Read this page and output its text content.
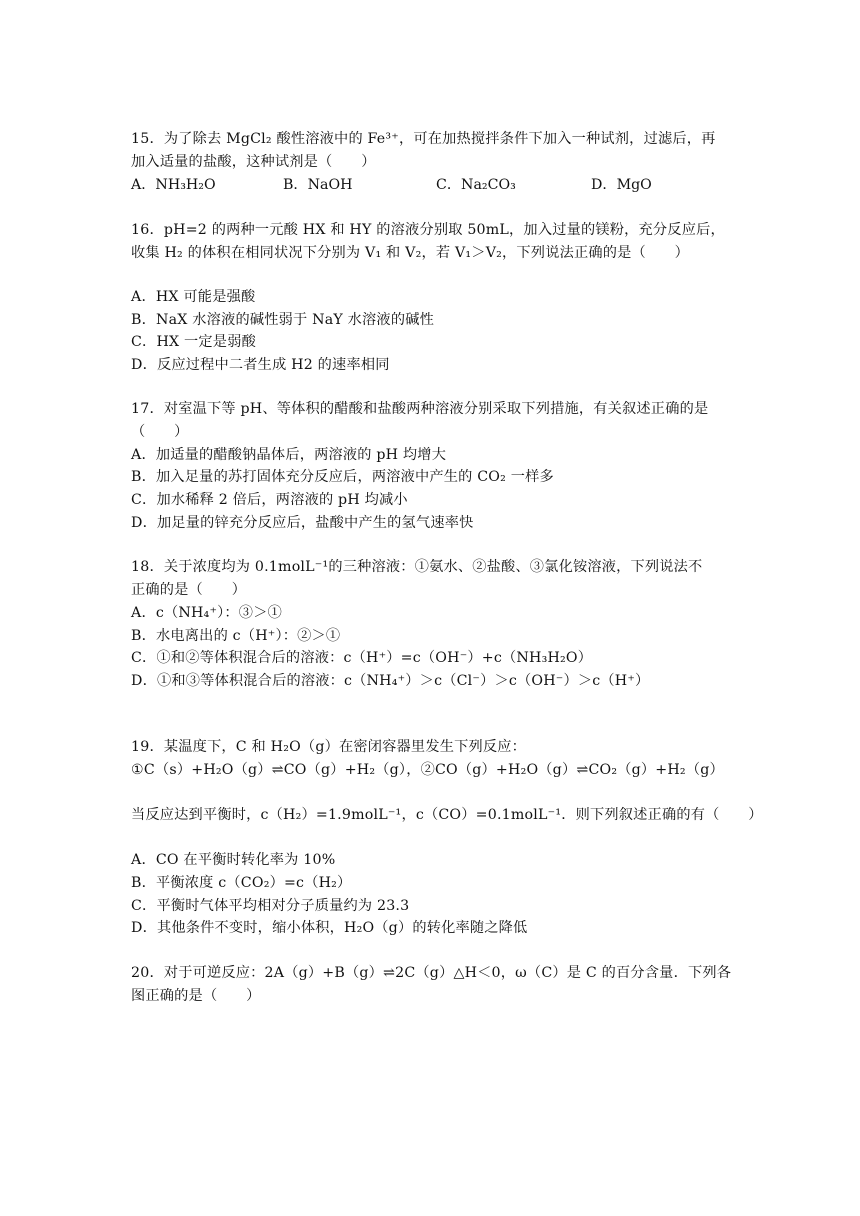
15．为了除去 MgCl₂ 酸性溶液中的 Fe³⁺，可在加热搅拌条件下加入一种试剂，过滤后，再
加入适量的盐酸，这种试剂是（　　）
A．NH₃H₂O	B．NaOH	C．Na₂CO₃	D．MgO
16．pH=2 的两种一元酸 HX 和 HY 的溶液分别取 50mL，加入过量的镁粉，充分反应后，
收集 H₂ 的体积在相同状况下分别为 V₁ 和 V₂，若 V₁＞V₂，下列说法正确的是（　　）
A．HX 可能是强酸
B．NaX 水溶液的碱性弱于 NaY 水溶液的碱性
C．HX 一定是弱酸
D．反应过程中二者生成 H2 的速率相同
17．对室温下等 pH、等体积的醋酸和盐酸两种溶液分别采取下列措施，有关叙述正确的是
（　　）
A．加适量的醋酸钠晶体后，两溶液的 pH 均增大
B．加入足量的苏打固体充分反应后，两溶液中产生的 CO₂ 一样多
C．加水稀释 2 倍后，两溶液的 pH 均减小
D．加足量的锌充分反应后，盐酸中产生的氢气速率快
18．关于浓度均为 0.1molL⁻¹的三种溶液：①氨水、②盐酸、③氯化铵溶液，下列说法不
正确的是（　　）
A．c（NH₄⁺）：③＞①
B．水电离出的 c（H⁺）：②＞①
C．①和②等体积混合后的溶液：c（H⁺）=c（OH⁻）+c（NH₃H₂O）
D．①和③等体积混合后的溶液：c（NH₄⁺）＞c（Cl⁻）＞c（OH⁻）＞c（H⁺）
19．某温度下，C 和 H₂O（g）在密闭容器里发生下列反应：
①C（s）+H₂O（g）⇌CO（g）+H₂（g），②CO（g）+H₂O（g）⇌CO₂（g）+H₂（g）
当反应达到平衡时，c（H₂）=1.9molL⁻¹，c（CO）=0.1molL⁻¹．则下列叙述正确的有（　　）
A．CO 在平衡时转化率为 10%
B．平衡浓度 c（CO₂）=c（H₂）
C．平衡时气体平均相对分子质量约为 23.3
D．其他条件不变时，缩小体积，H₂O（g）的转化率随之降低
20．对于可逆反应：2A（g）+B（g）⇌2C（g）△H＜0，ω（C）是 C 的百分含量．下列各
图正确的是（　　）
